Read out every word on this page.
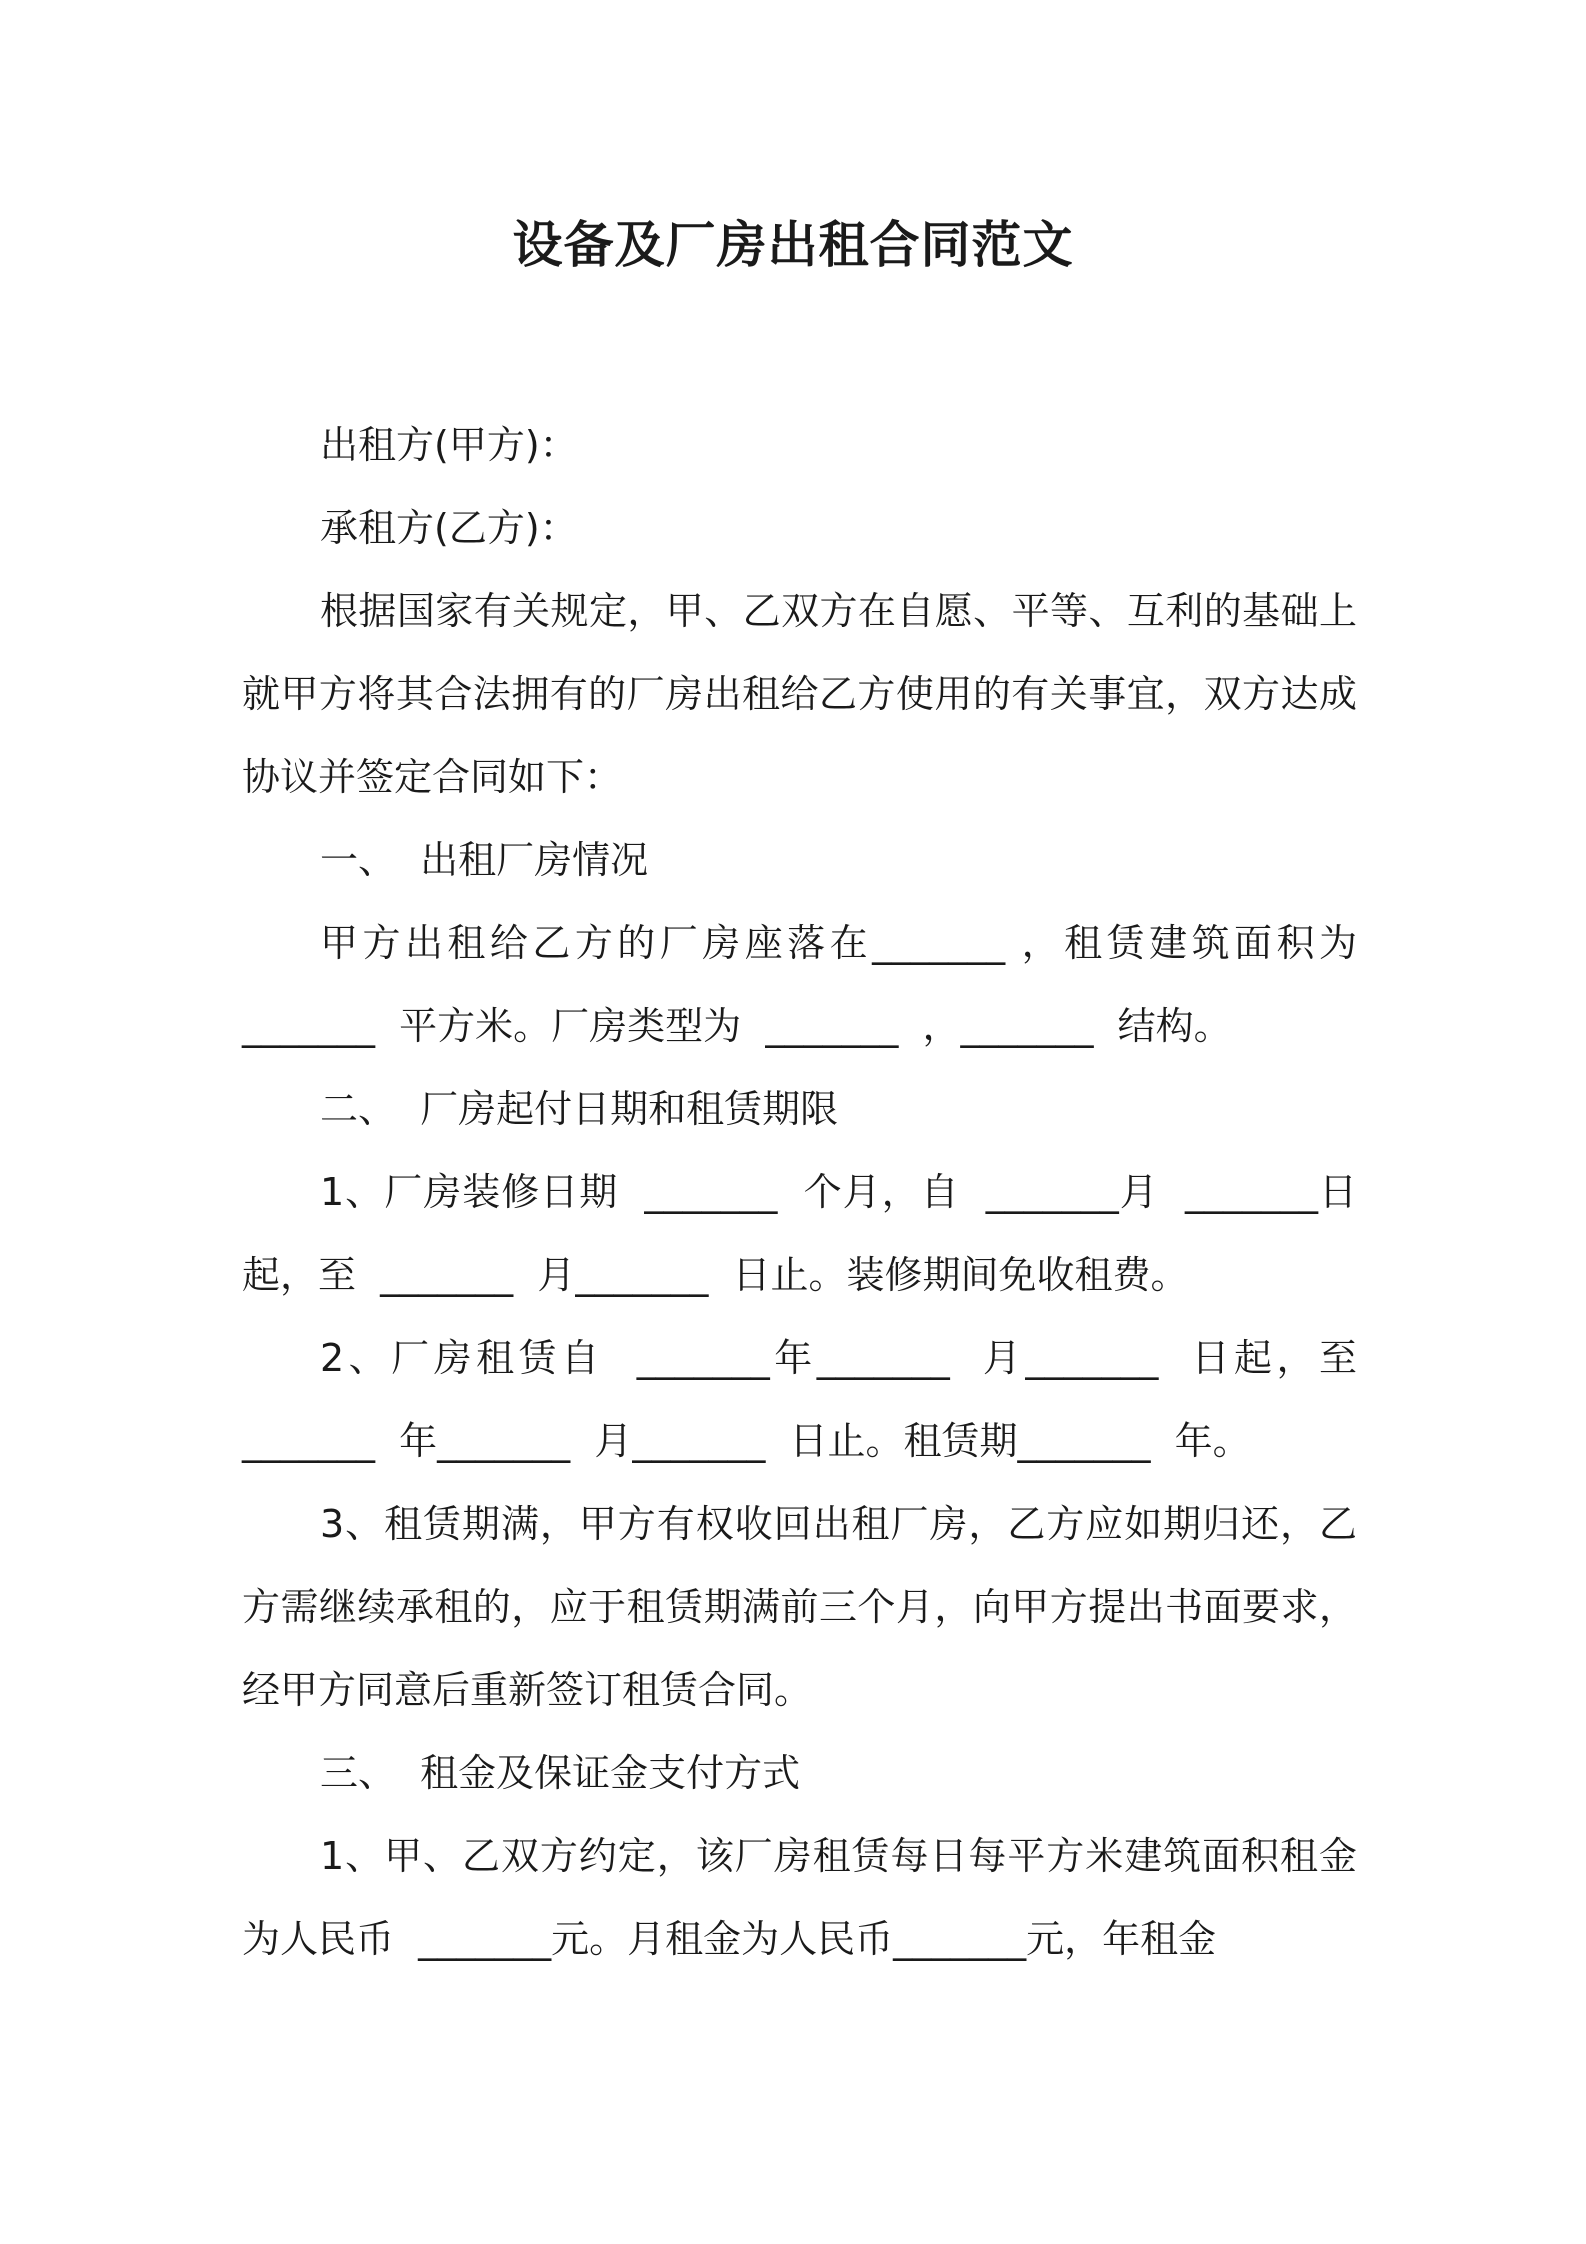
设备及厂房出租合同范文

出租方(甲方)：

承租方(乙方)：

根据国家有关规定，甲、乙双方在自愿、平等、互利的基础上就甲方将其合法拥有的厂房出租给乙方使用的有关事宜，双方达成协议并签定合同如下：

一、  出租厂房情况

甲方出租给乙方的厂房座落在_______ ，租赁建筑面积为_______  平方米。厂房类型为  _______  ，_______  结构。

二、  厂房起付日期和租赁期限

1、厂房装修日期  _______  个月，自  _______月  _______日起，至  _______  月_______  日止。装修期间免收租费。

2、厂房租赁自  _______年_______  月_______  日起，至_______  年_______  月_______  日止。租赁期_______  年。

3、租赁期满，甲方有权收回出租厂房，乙方应如期归还，乙方需继续承租的，应于租赁期满前三个月，向甲方提出书面要求，经甲方同意后重新签订租赁合同。

三、  租金及保证金支付方式

1、甲、乙双方约定，该厂房租赁每日每平方米建筑面积租金为人民币  _______元。月租金为人民币_______元，年租金
